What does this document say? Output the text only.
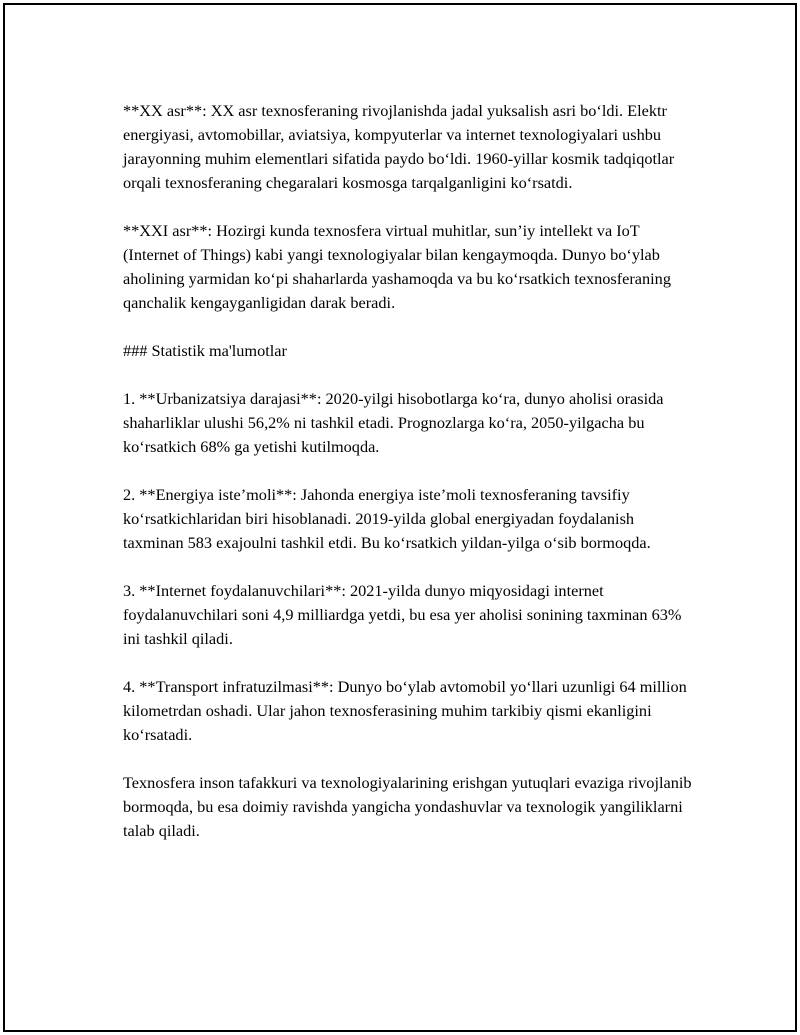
**XX asr**: XX asr texnosferaning rivojlanishda jadal yuksalish asri bo‘ldi. Elektr energiyasi, avtomobillar, aviatsiya, kompyuterlar va internet texnologiyalari ushbu jarayonning muhim elementlari sifatida paydo bo‘ldi. 1960-yillar kosmik tadqiqotlar orqali texnosferaning chegaralari kosmosga tarqalganligini ko‘rsatdi.

**XXI asr**: Hozirgi kunda texnosfera virtual muhitlar, sun’iy intellekt va IoT (Internet of Things) kabi yangi texnologiyalar bilan kengaymoqda. Dunyo bo‘ylab aholining yarmidan ko‘pi shaharlarda yashamoqda va bu ko‘rsatkich texnosferaning qanchalik kengayganligidan darak beradi.

### Statistik ma'lumotlar

1. **Urbanizatsiya darajasi**: 2020-yilgi hisobotlarga ko‘ra, dunyo aholisi orasida shaharliklar ulushi 56,2% ni tashkil etadi. Prognozlarga ko‘ra, 2050-yilgacha bu ko‘rsatkich 68% ga yetishi kutilmoqda.

2. **Energiya iste’moli**: Jahonda energiya iste’moli texnosferaning tavsifiy ko‘rsatkichlaridan biri hisoblanadi. 2019-yilda global energiyadan foydalanish taxminan 583 exajoulni tashkil etdi. Bu ko‘rsatkich yildan-yilga o‘sib bormoqda.

3. **Internet foydalanuvchilari**: 2021-yilda dunyo miqyosidagi internet foydalanuvchilari soni 4,9 milliardga yetdi, bu esa yer aholisi sonining taxminan 63% ini tashkil qiladi.

4. **Transport infratuzilmasi**: Dunyo bo‘ylab avtomobil yo‘llari uzunligi 64 million kilometrdan oshadi. Ular jahon texnosferasining muhim tarkibiy qismi ekanligini ko‘rsatadi.

Texnosfera inson tafakkuri va texnologiyalarining erishgan yutuqlari evaziga rivojlanib bormoqda, bu esa doimiy ravishda yangicha yondashuvlar va texnologik yangiliklarni talab qiladi.
